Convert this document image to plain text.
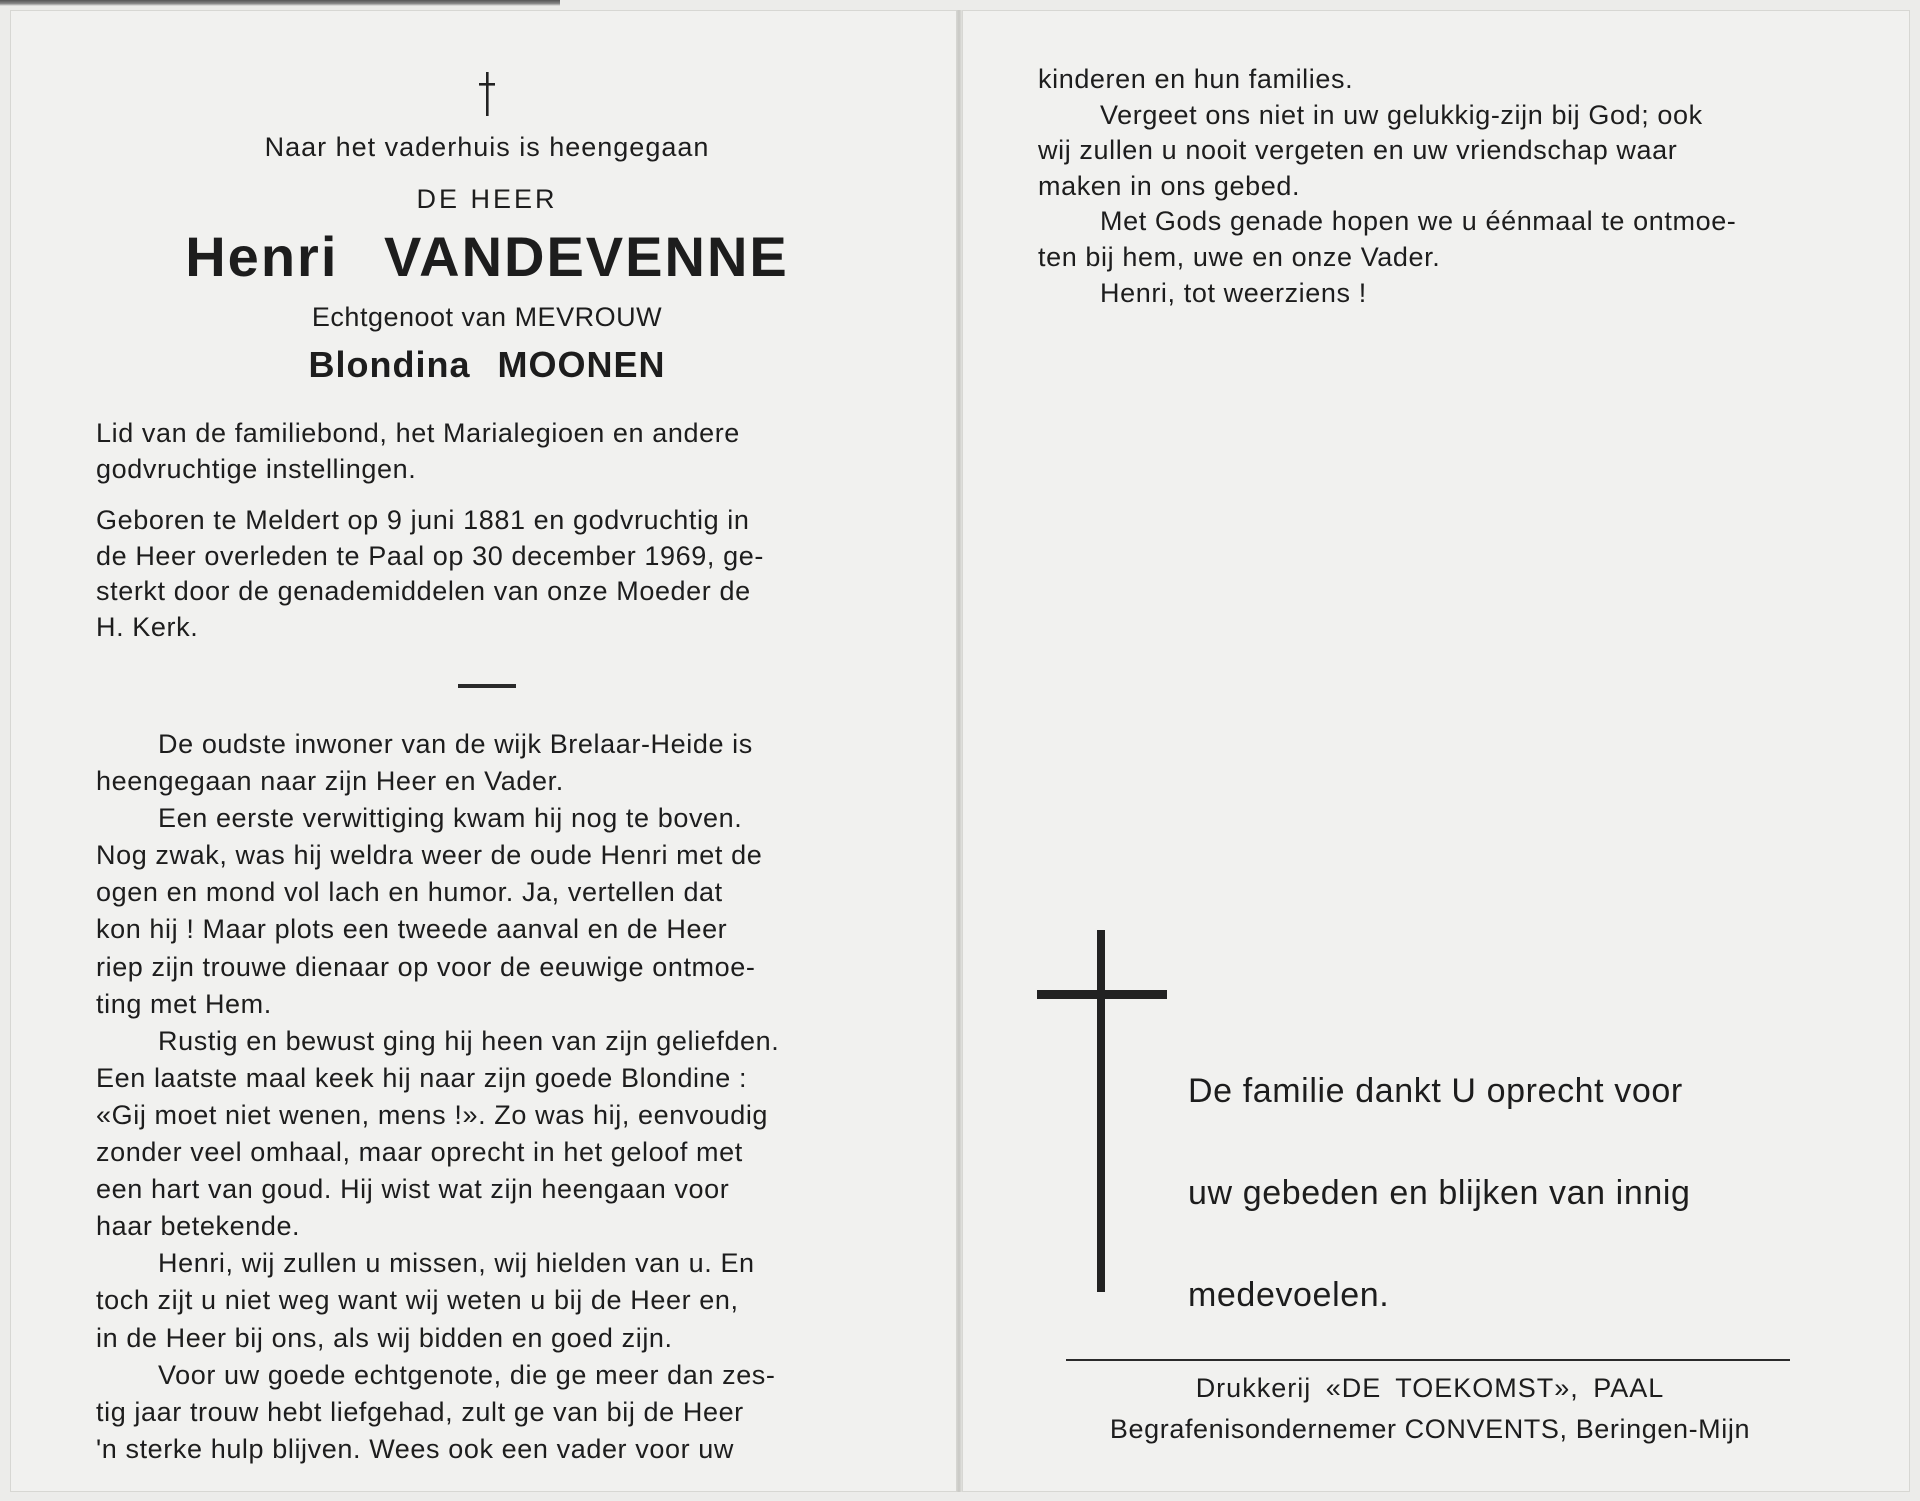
Naar het vaderhuis is heengegaan
DE HEER
Henri VANDEVENNE
Echtgenoot van MEVROUW
Blondina MOONEN

Lid van de familiebond, het Marialegioen en andere

godvruchtige instellingen.

Geboren te Meldert op 9 juni 1881 en godvruchtig in

de Heer overleden te Paal op 30 december 1969, ge-

sterkt door de genademiddelen van onze Moeder de

H. Kerk.

De oudste inwoner van de wijk Brelaar-Heide is

heengegaan naar zijn Heer en Vader.

Een eerste verwittiging kwam hij nog te boven.

Nog zwak, was hij weldra weer de oude Henri met de

ogen en mond vol lach en humor. Ja, vertellen dat

kon hij ! Maar plots een tweede aanval en de Heer

riep zijn trouwe dienaar op voor de eeuwige ontmoe-

ting met Hem.

Rustig en bewust ging hij heen van zijn geliefden.

Een laatste maal keek hij naar zijn goede Blondine :

«Gij moet niet wenen, mens !». Zo was hij, eenvoudig

zonder veel omhaal, maar oprecht in het geloof met

een hart van goud. Hij wist wat zijn heengaan voor

haar betekende.

Henri, wij zullen u missen, wij hielden van u. En

toch zijt u niet weg want wij weten u bij de Heer en,

in de Heer bij ons, als wij bidden en goed zijn.

Voor uw goede echtgenote, die ge meer dan zes-

tig jaar trouw hebt liefgehad, zult ge van bij de Heer

'n sterke hulp blijven. Wees ook een vader voor uw

kinderen en hun families.

Vergeet ons niet in uw gelukkig-zijn bij God; ook

wij zullen u nooit vergeten en uw vriendschap waar

maken in ons gebed.

Met Gods genade hopen we u éénmaal te ontmoe-

ten bij hem, uwe en onze Vader.

Henri, tot weerziens !

De familie dankt U oprecht voor

uw gebeden en blijken van innig

medevoelen.

Drukkerij «DE TOEKOMST», PAAL
Begrafenisondernemer CONVENTS, Beringen-Mijn
